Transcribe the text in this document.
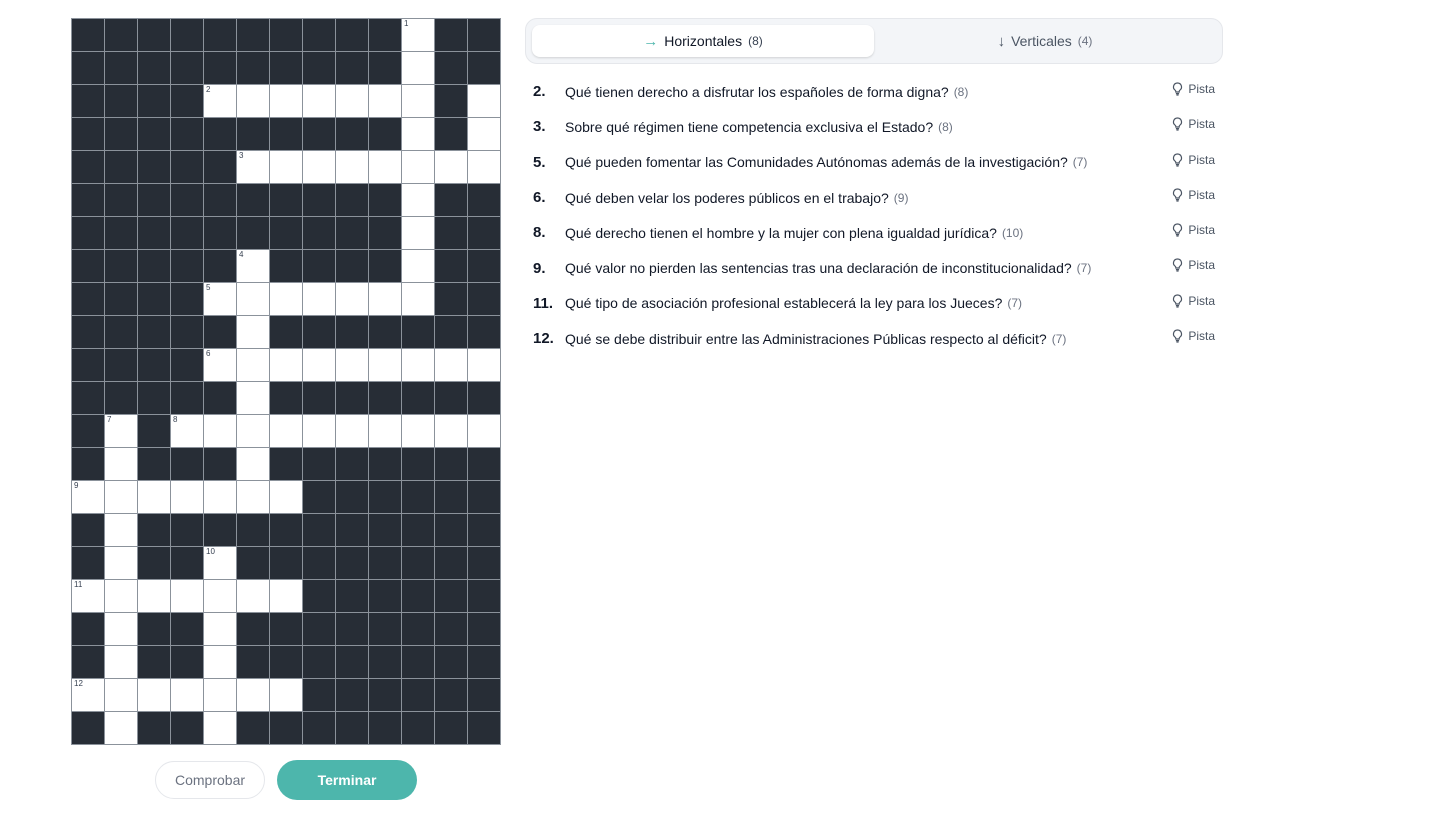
1
2
3
4
5
6
7	8
9
10
11
12
Comprobar	Terminar
→ Horizontales (8)	↓ Verticales (4)
2.	Qué tienen derecho a disfrutar los españoles de forma digna? (8)	Pista
3.	Sobre qué régimen tiene competencia exclusiva el Estado? (8)	Pista
5.	Qué pueden fomentar las Comunidades Autónomas además de la investigación? (7)	Pista
6.	Qué deben velar los poderes públicos en el trabajo? (9)	Pista
8.	Qué derecho tienen el hombre y la mujer con plena igualdad jurídica? (10)	Pista
9.	Qué valor no pierden las sentencias tras una declaración de inconstitucionalidad? (7)	Pista
11. Qué tipo de asociación profesional establecerá la ley para los Jueces? (7)	Pista
12. Qué se debe distribuir entre las Administraciones Públicas respecto al déficit? (7)	Pista
